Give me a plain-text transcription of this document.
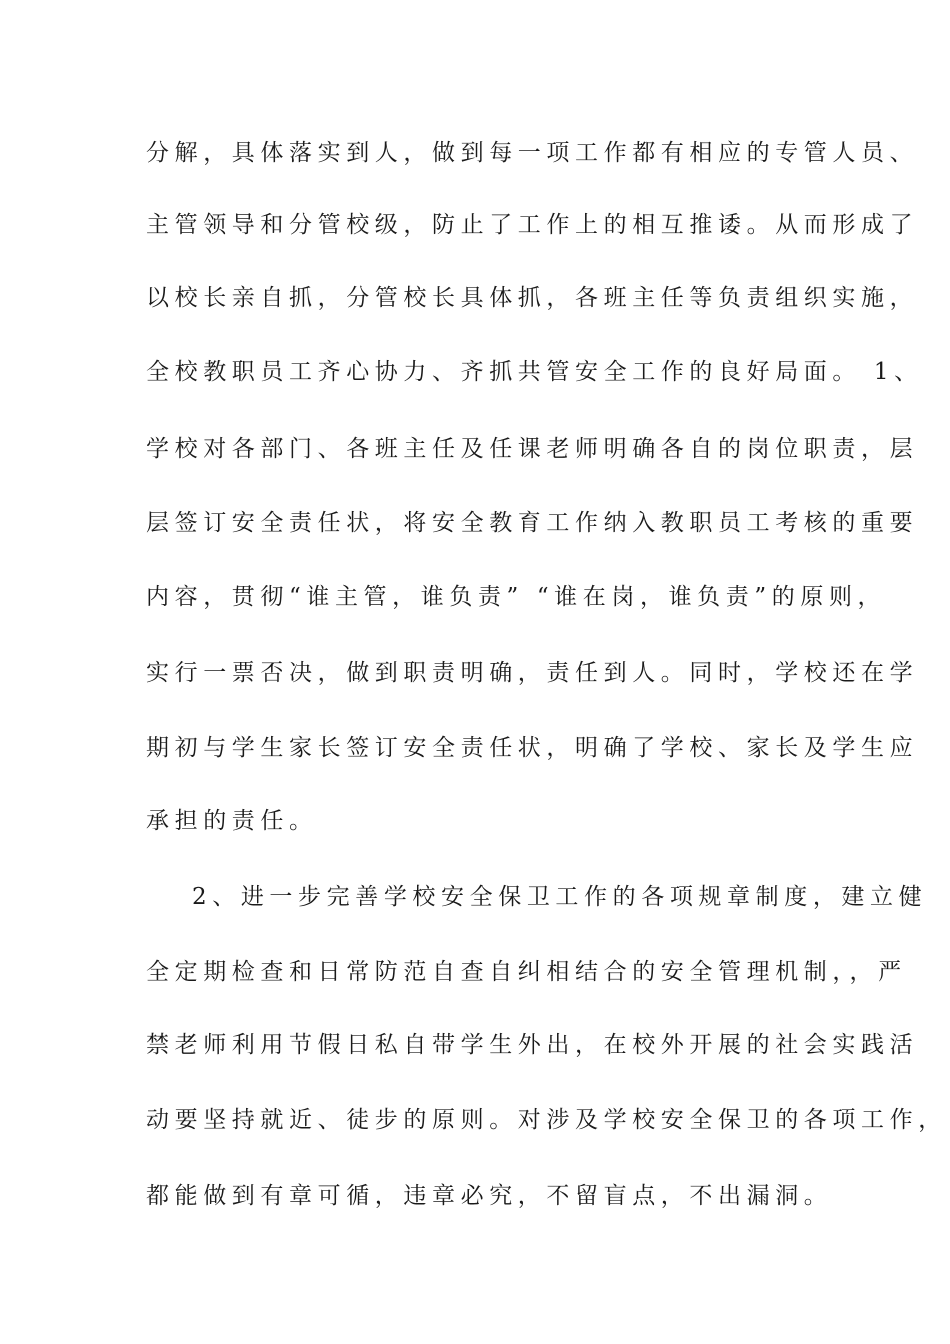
分解，具体落实到人，做到每一项工作都有相应的专管人员、
主管领导和分管校级，防止了工作上的相互推诿。从而形成了
以校长亲自抓，分管校长具体抓，各班主任等负责组织实施，
全校教职员工齐心协力、齐抓共管安全工作的良好局面。 1、
学校对各部门、各班主任及任课老师明确各自的岗位职责，层
层签订安全责任状，将安全教育工作纳入教职员工考核的重要
内容，贯彻“谁主管，谁负责” “谁在岗，谁负责”的原则，
实行一票否决，做到职责明确，责任到人。同时，学校还在学
期初与学生家长签订安全责任状，明确了学校、家长及学生应
承担的责任。
2、进一步完善学校安全保卫工作的各项规章制度，建立健
全定期检查和日常防范自查自纠相结合的安全管理机制，，严
禁老师利用节假日私自带学生外出，在校外开展的社会实践活
动要坚持就近、徒步的原则。对涉及学校安全保卫的各项工作，
都能做到有章可循，违章必究，不留盲点，不出漏洞。
